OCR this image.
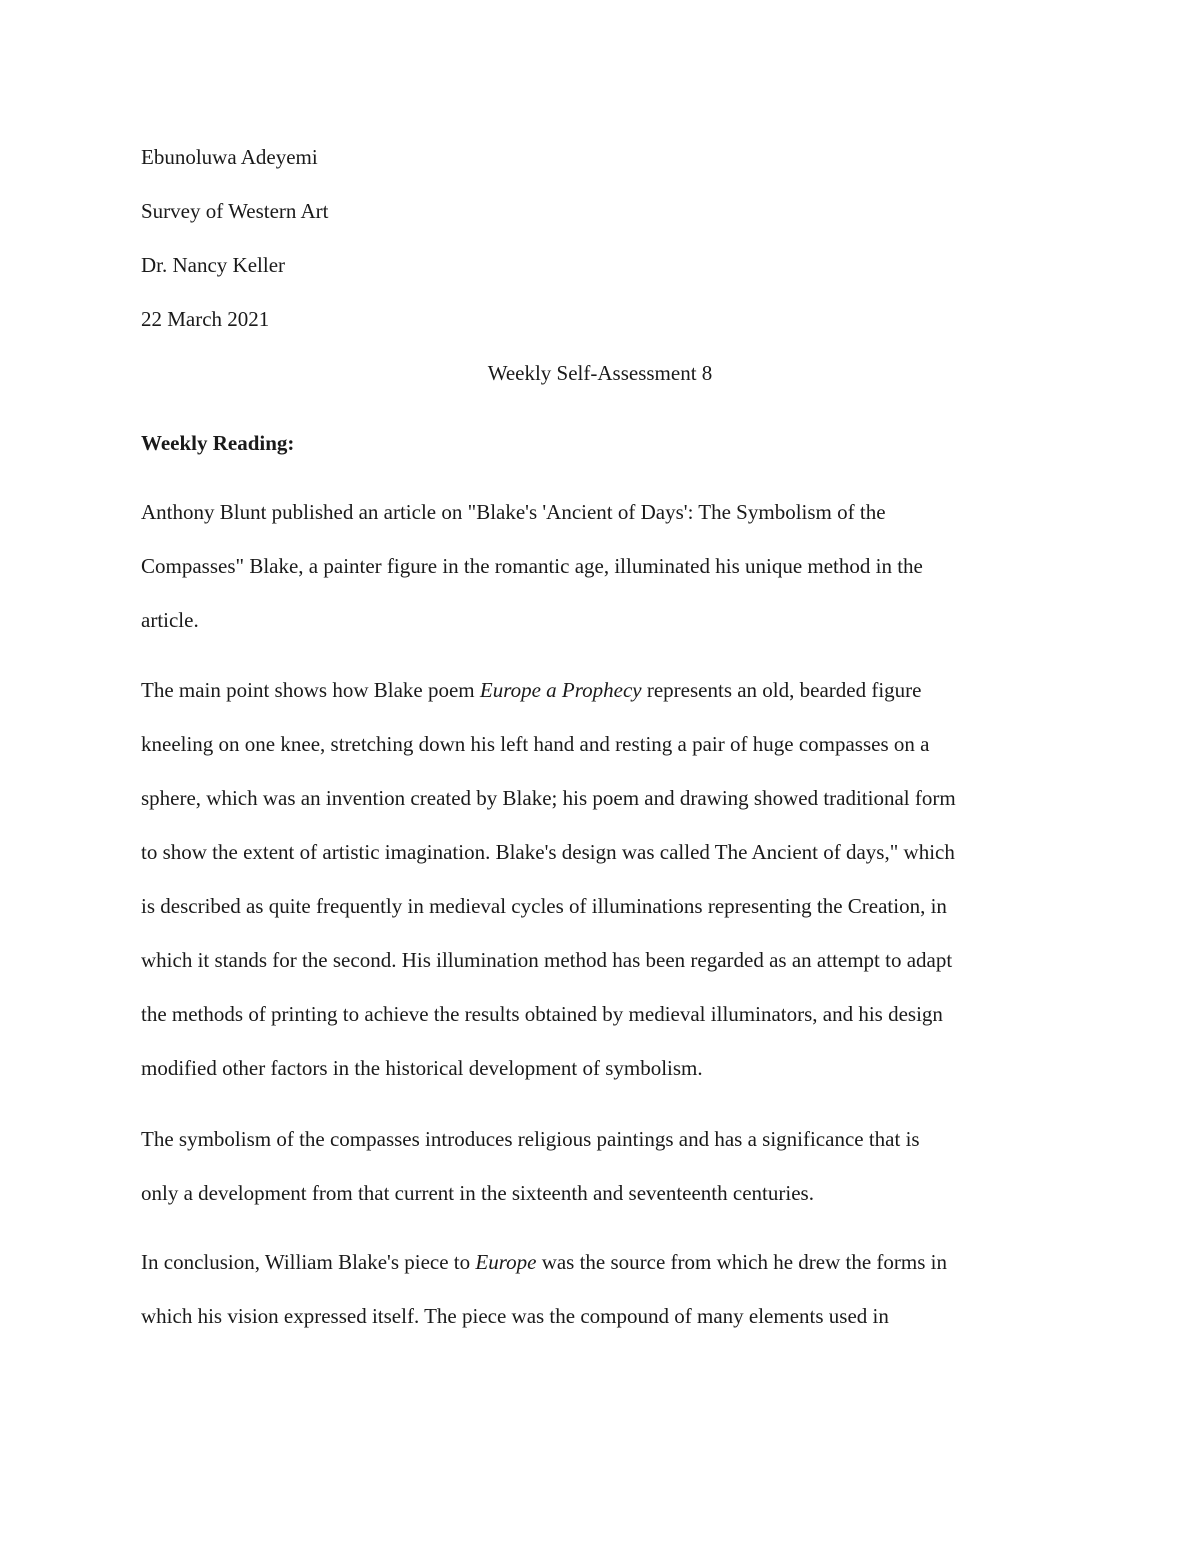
Ebunoluwa Adeyemi

Survey of Western Art

Dr. Nancy Keller

22 March 2021

Weekly Self-Assessment 8

Weekly Reading:

Anthony Blunt published an article on "Blake's 'Ancient of Days': The Symbolism of the
Compasses" Blake, a painter figure in the romantic age, illuminated his unique method in the
article.
The main point shows how Blake poem Europe a Prophecy represents an old, bearded figure
kneeling on one knee, stretching down his left hand and resting a pair of huge compasses on a
sphere, which was an invention created by Blake; his poem and drawing showed traditional form
to show the extent of artistic imagination. Blake's design was called The Ancient of days," which
is described as quite frequently in medieval cycles of illuminations representing the Creation, in
which it stands for the second. His illumination method has been regarded as an attempt to adapt
the methods of printing to achieve the results obtained by medieval illuminators, and his design
modified other factors in the historical development of symbolism.
The symbolism of the compasses introduces religious paintings and has a significance that is
only a development from that current in the sixteenth and seventeenth centuries.
In conclusion, William Blake's piece to Europe was the source from which he drew the forms in
which his vision expressed itself. The piece was the compound of many elements used in
